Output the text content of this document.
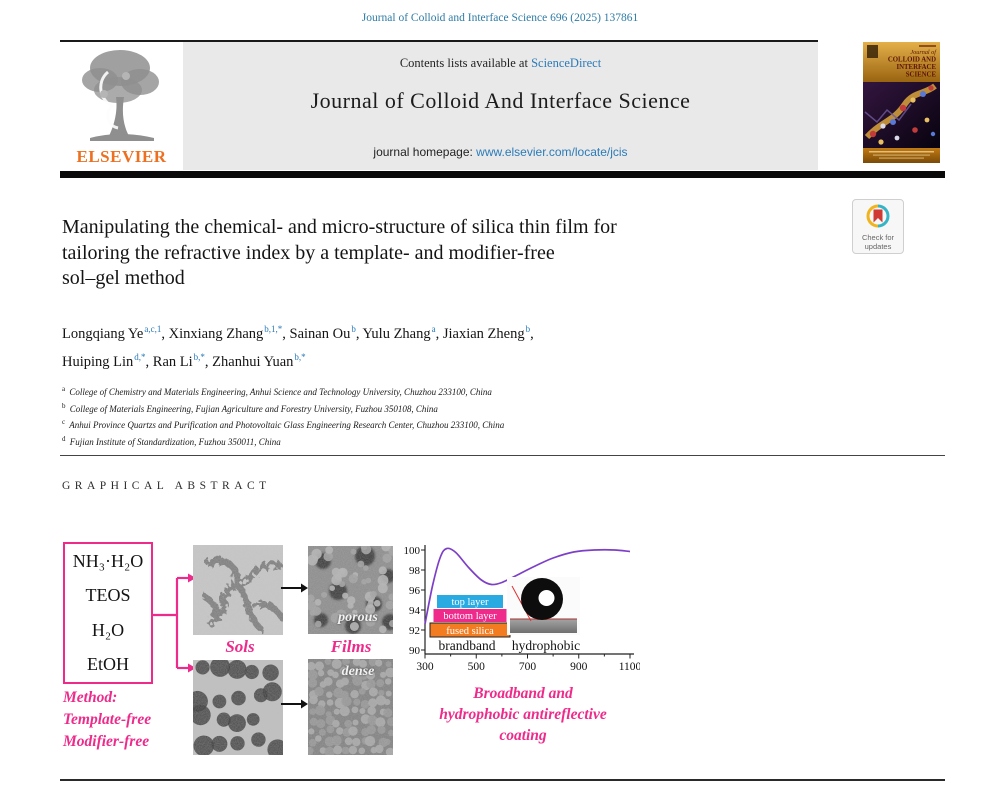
Journal of Colloid and Interface Science 696 (2025) 137861
Contents lists available at ScienceDirect
Journal of Colloid And Interface Science
journal homepage: www.elsevier.com/locate/jcis
ELSEVIER
Journal of
COLLOID AND
INTERFACE
SCIENCE
Check for
updates
Manipulating the chemical- and micro-structure of silica thin film for
tailoring the refractive index by a template- and modifier-free
sol–gel method
Longqiang Ye$^{a,c,1}$, Xinxiang Zhang$^{b,1,*}$, Sainan Ou$^b$, Yulu Zhang$^a$, Jiaxian Zheng$^b$,
Huiping Lin$^{d,*}$, Ran $Li^{b,*}$, Zhanhui Yuan$^{b,*}$
$^a$ College of Chemistry and Materials Engineering, Anhui Science and Technology University, Chuzhou 233100, China
$^b$ College of Materials Engineering, Fujian Agriculture and Forestry University, Fuzhou 350108, China
$^c$ Anhui Province Quartzs and Purification and Photovoltaic Glass Engineering Research Center, Chuzhou 233100, China
$^d$ Fujian Institute of Standardization, Fuzhou 350011, China
GRAPHICAL ABSTRACT
NH₃·H₂O
TEOS
H₂O
EtOH
Method:
Template-free
Modifier-free
Sols	Films
porous
dense
100
98
96
94
92
90
300	500	700	900	1100
top layer
bottom layer
fused silica
brandband hydrophobic
Broadband and
hydrophobic antireflective
coating
